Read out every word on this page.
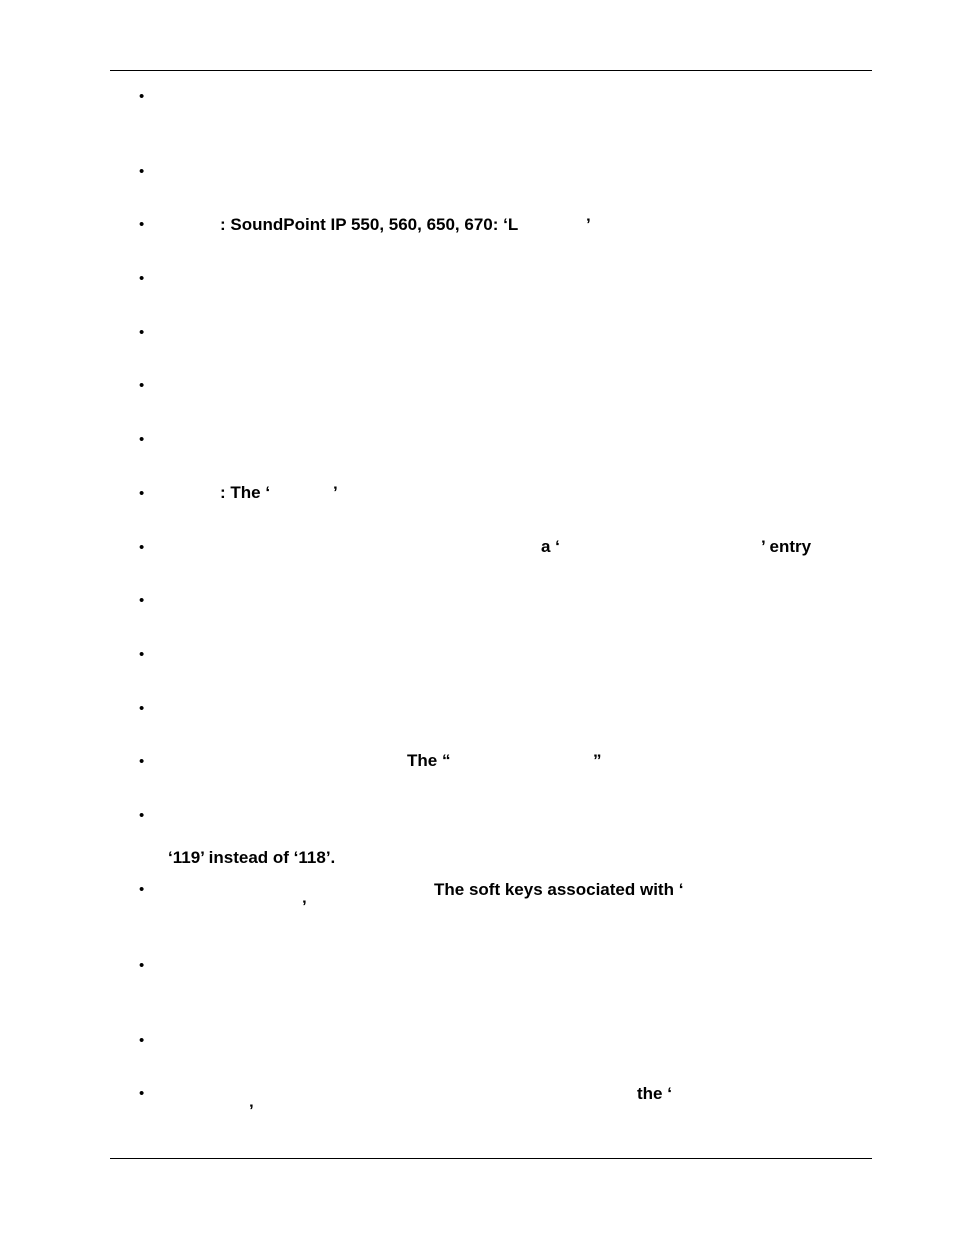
•
•
•
•
•
•
•
•
•
•
•
•
•
•
•
•
•
•
: SoundPoint IP 550, 560, 650, 670: ‘L	’
: The ‘	’
a ‘	’ entry
The “	”
‘119’ instead of ‘118’.
The soft keys associated with ‘
’
the ‘
’
